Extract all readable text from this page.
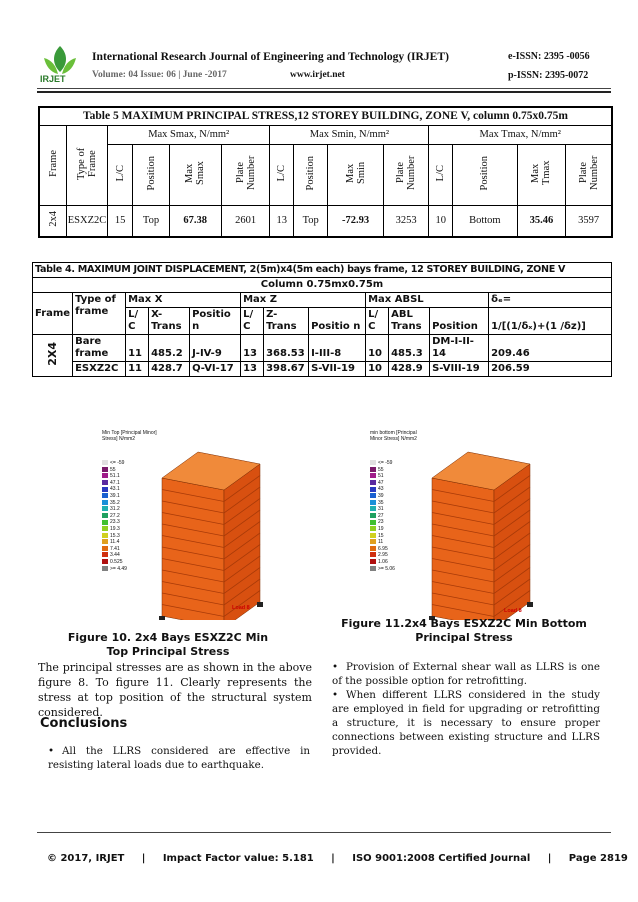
IRJET
International Research Journal of Engineering and Technology (IRJET)	e-ISSN: 2395 -0056
Volume: 04 Issue: 06 | June -2017	www.irjet.net	p-ISSN: 2395-0072
Table 5 MAXIMUM PRINCIPAL STRESS,12 STOREY BUILDING, ZONE V, column 0.75x0.75m													
Frame	Type of Frame	Max Smax, N/mm²				Max Smin, N/mm²				Max Tmax, N/mm²			
		L/C	Position	Max Smax	Plate Number	L/C	Position	Max Smin	Plate Number	L/C	Position	Max Tmax	Plate Number
2x4	ESXZ2C	15	Top	67.38	2601	13	Top	-72.93	3253	10	Bottom	35.46	3597
Table 4. MAXIMUM JOINT DISPLACEMENT, 2(5m)x4(5m each) bays frame, 12 STOREY BUILDING, ZONE V											
Column 0.75mx0.75m											
Frame	Type of frame	Max X			Max Z			Max ABSL			δₑ=
		L/ C	X- Trans	Positio n	L/ C	Z- Trans	Positio n	L/ C	ABL Trans	Position	1/[(1/δₓ)+(1 /δz)]
2X4	Bare frame	11	485.2	J-IV-9	13	368.53	I-III-8	10	485.3	DM-I-II-14	209.46
	ESXZ2C	11	428.7	Q-VI-17	13	398.67	S-VII-19	10	428.9	S-VIII-19	206.59
Min Top [Principal Minor] Stress] N/mm2
<= -59
55
51.1
47.1
43.1
39.1
35.2
31.2
27.2
23.3
19.3
15.3
11.4
7.41
3.44
0.525
>= 4.49
Load 8
min bottom [Principal Minor Stress] N/mm2
<= -59
55
51
47
43
39
35
31
27
23
19
15
11
6.95
2.95
1.06
>= 5.06
Load 8
Figure 10. 2x4 Bays ESXZ2C Min Top Principal Stress
Figure 11.2x4 Bays ESXZ2C Min Bottom Principal Stress
The principal stresses are as shown in the above figure 8. To figure 11. Clearly represents the stress at top position of the structural system considered.
Conclusions
• All the LLRS considered are effective in resisting lateral loads due to earthquake.
• Provision of External shear wall as LLRS is one of the possible option for retrofitting.
• When different LLRS considered in the study are employed in field for upgrading or retrofitting a structure, it is necessary to ensure proper connections between existing structure and LLRS provided.

© 2017, IRJET     |     Impact Factor value: 5.181     |     ISO 9001:2008 Certified Journal     |     Page 2819
